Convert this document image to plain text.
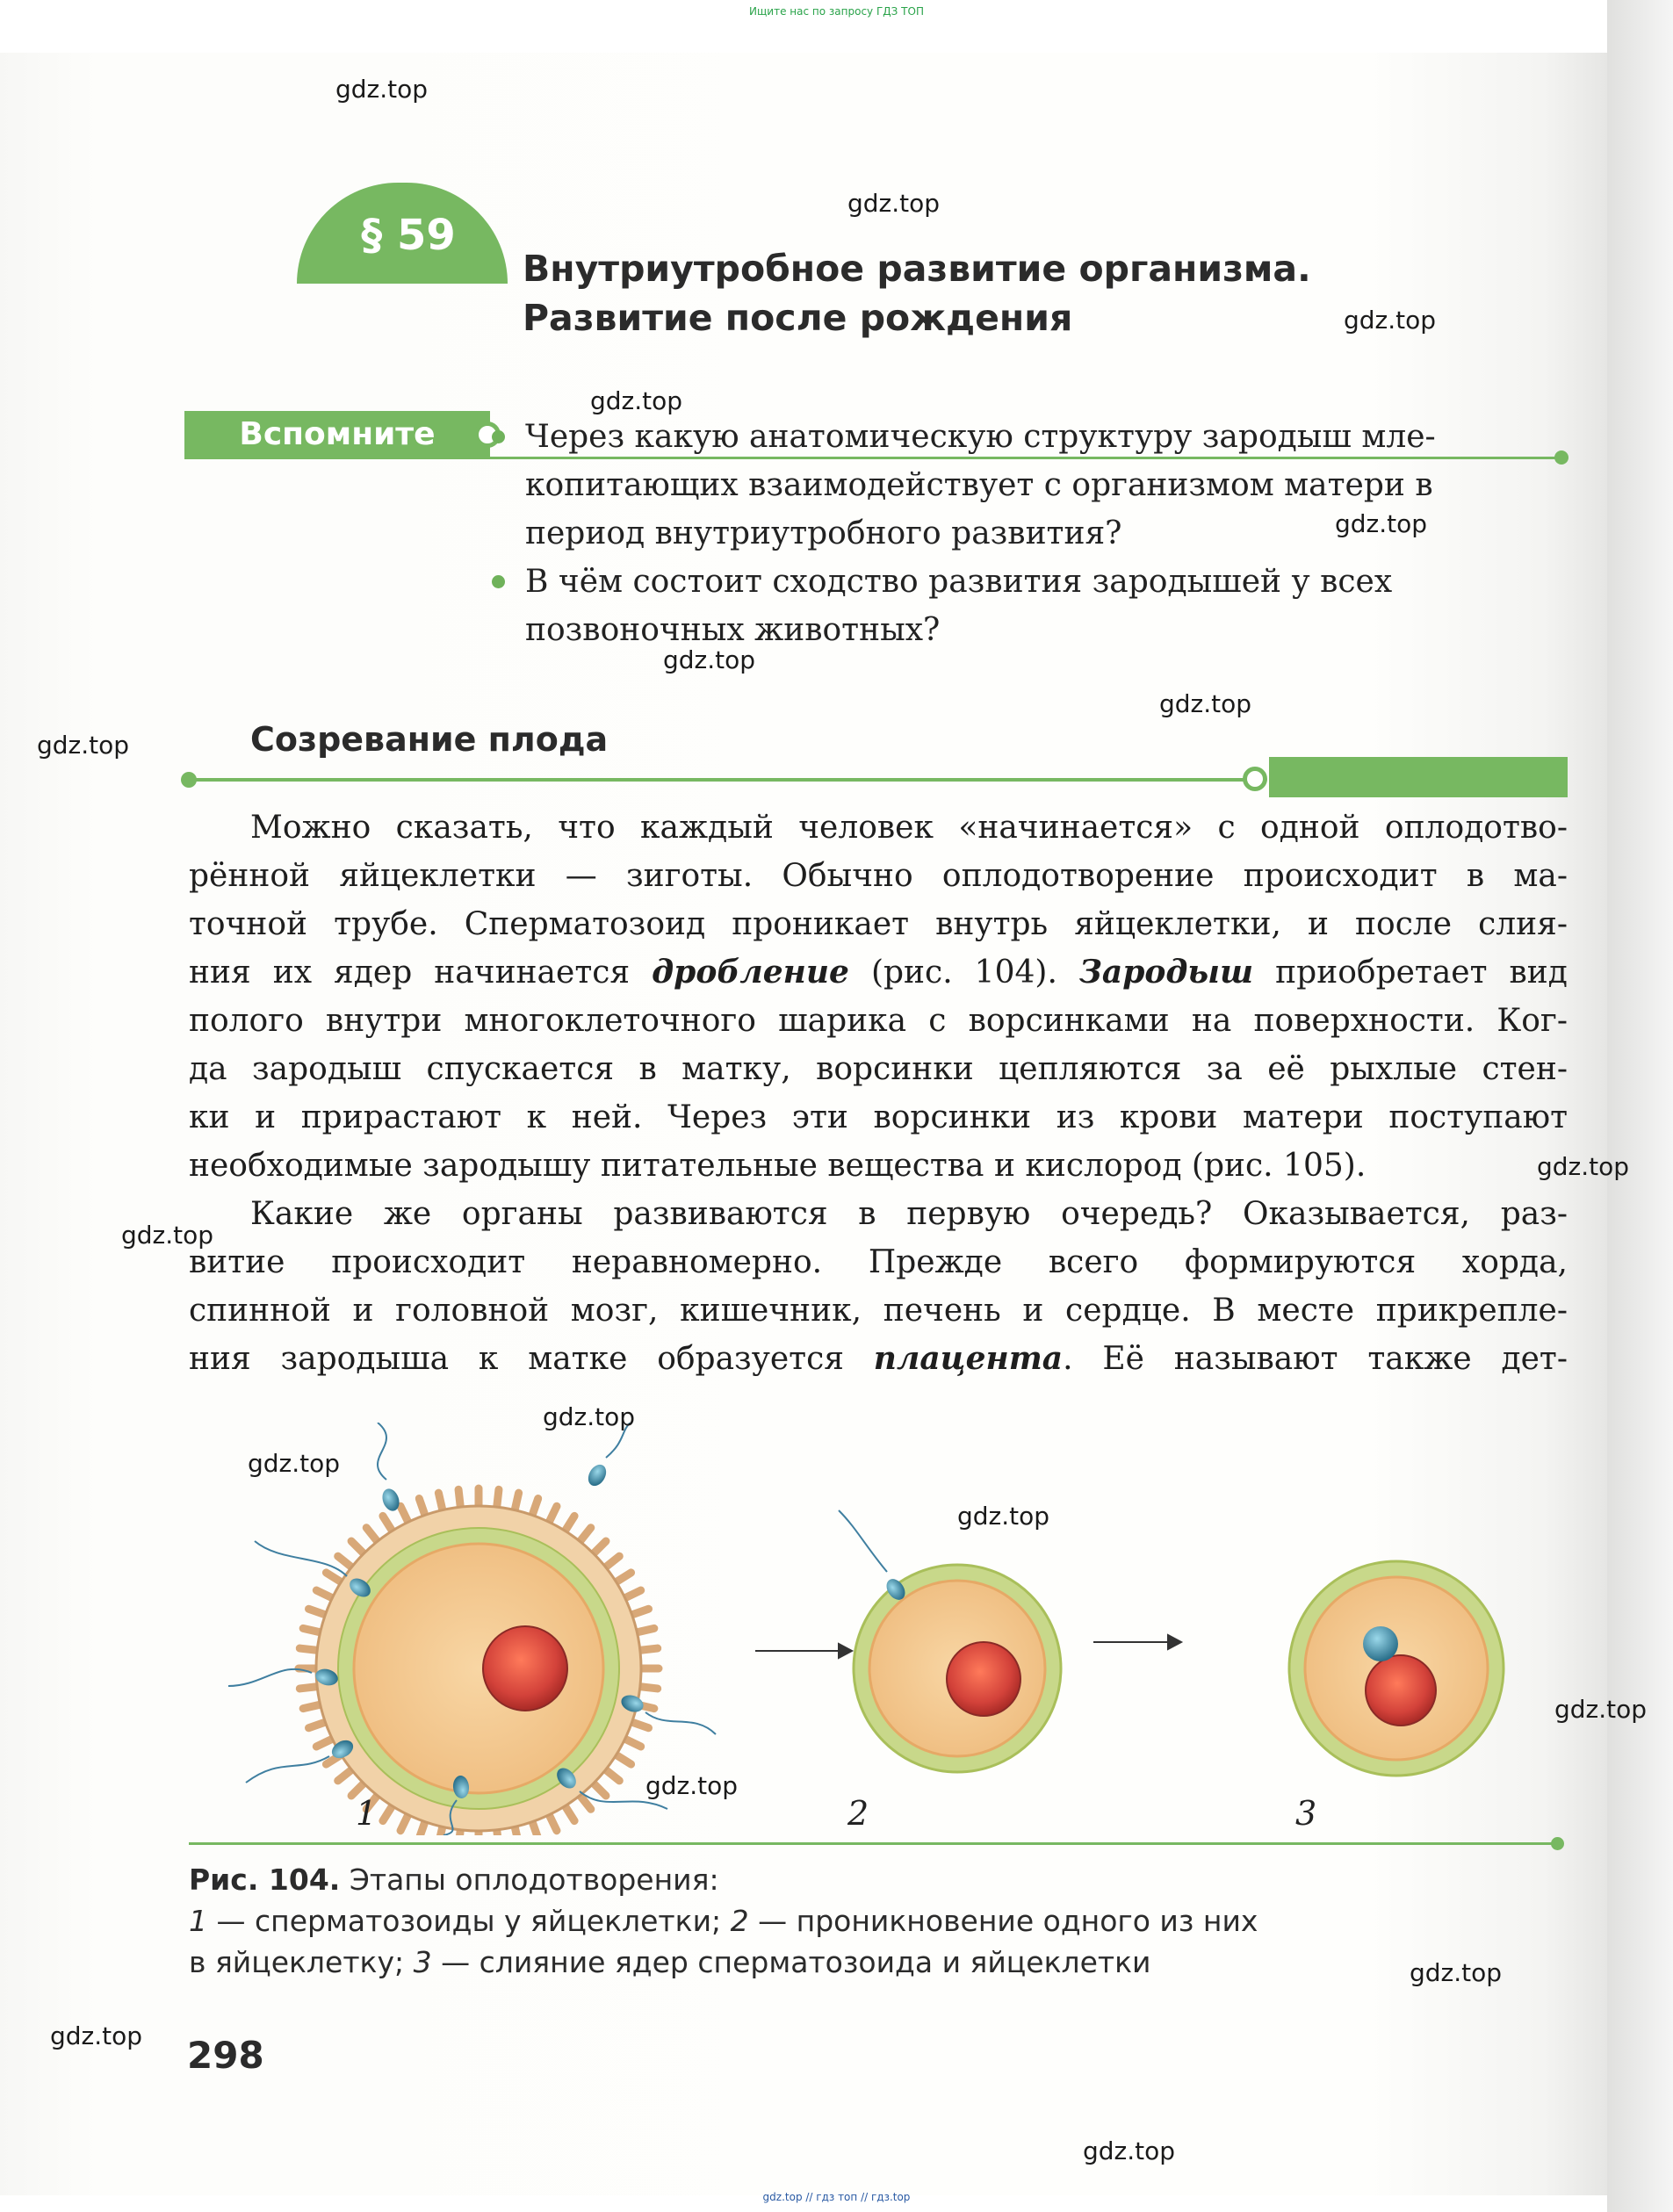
Ищите нас по запросу ГДЗ ТОП

§ 59
Внутриутробное развитие организма.
Развитие после рождения
Вспомните	Через какую анатомическую структуру зародыш мле-
копитающих взаимодействует с организмом матери в
период внутриутробного развития?
В чём состоит сходство развития зародышей у всех
позвоночных животных?
Созревание плода
Можно сказать, что каждый человек «начинается» с одной оплодотво-
рённой яйцеклетки — зиготы. Обычно оплодотворение происходит в ма-
точной трубе. Сперматозоид проникает внутрь яйцеклетки, и после слия-
ния их ядер начинается дробление (рис. 104). Зародыш приобретает вид
полого внутри многоклеточного шарика с ворсинками на поверхности. Ког-
да зародыш спускается в матку, ворсинки цепляются за её рыхлые стен-
ки и прирастают к ней. Через эти ворсинки из крови матери поступают
необходимые зародышу питательные вещества и кислород (рис. 105).
Какие же органы развиваются в первую очередь? Оказывается, раз-
витие происходит неравномерно. Прежде всего формируются хорда,
спинной и головной мозг, кишечник, печень и сердце. В месте прикрепле-
ния зародыша к матке образуется плацента. Её называют также дет-
1	2	3
Рис. 104. Этапы оплодотворения:
1 — сперматозоиды у яйцеклетки; 2 — проникновение одного из них
в яйцеклетку; 3 — слияние ядер сперматозоида и яйцеклетки
298
gdz.top
gdz.top
gdz.top
gdz.top
gdz.top
gdz.top
gdz.top
gdz.top
gdz.top
gdz.top
gdz.top
gdz.top
gdz.top
gdz.top
gdz.top
gdz.top
gdz.top
gdz.top
gdz.top // гдз топ // гдз.top
